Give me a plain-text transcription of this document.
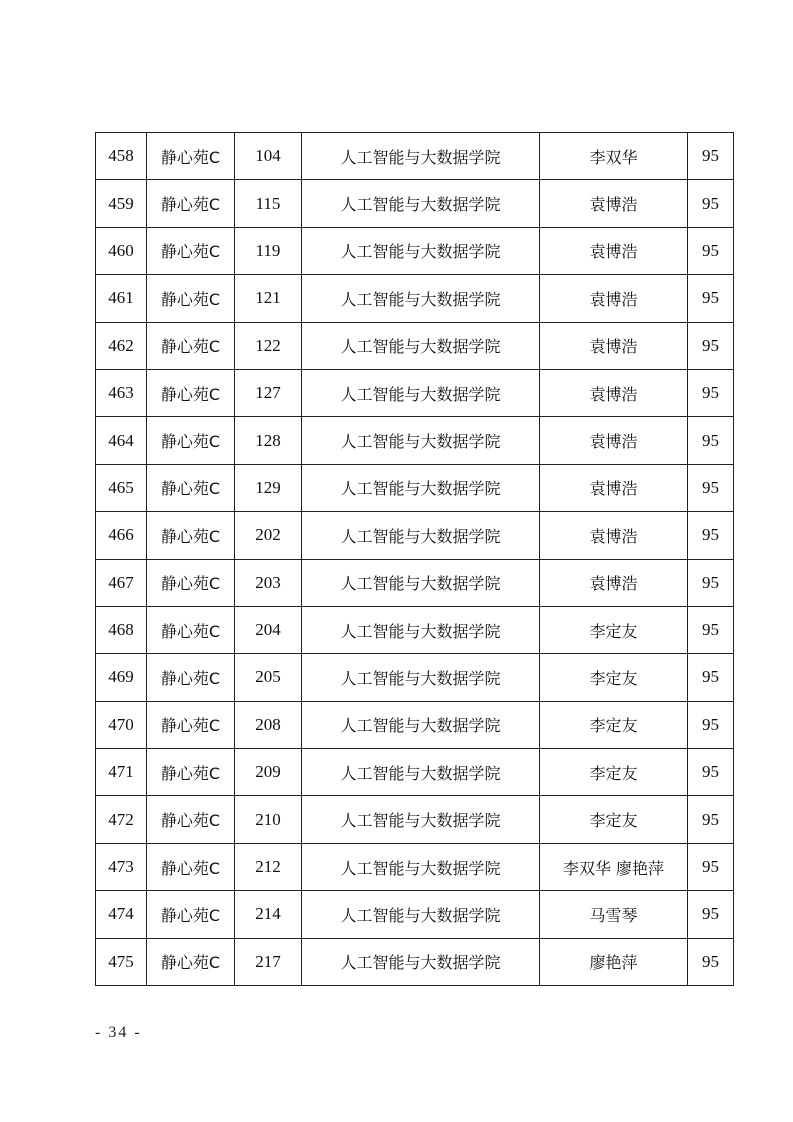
458	静心苑C	104	人工智能与大数据学院	李双华	95
459	静心苑C	115	人工智能与大数据学院	袁博浩	95
460	静心苑C	119	人工智能与大数据学院	袁博浩	95
461	静心苑C	121	人工智能与大数据学院	袁博浩	95
462	静心苑C	122	人工智能与大数据学院	袁博浩	95
463	静心苑C	127	人工智能与大数据学院	袁博浩	95
464	静心苑C	128	人工智能与大数据学院	袁博浩	95
465	静心苑C	129	人工智能与大数据学院	袁博浩	95
466	静心苑C	202	人工智能与大数据学院	袁博浩	95
467	静心苑C	203	人工智能与大数据学院	袁博浩	95
468	静心苑C	204	人工智能与大数据学院	李定友	95
469	静心苑C	205	人工智能与大数据学院	李定友	95
470	静心苑C	208	人工智能与大数据学院	李定友	95
471	静心苑C	209	人工智能与大数据学院	李定友	95
472	静心苑C	210	人工智能与大数据学院	李定友	95
473	静心苑C	212	人工智能与大数据学院	李双华 廖艳萍	95
474	静心苑C	214	人工智能与大数据学院	马雪琴	95
475	静心苑C	217	人工智能与大数据学院	廖艳萍	95
- 34 -
